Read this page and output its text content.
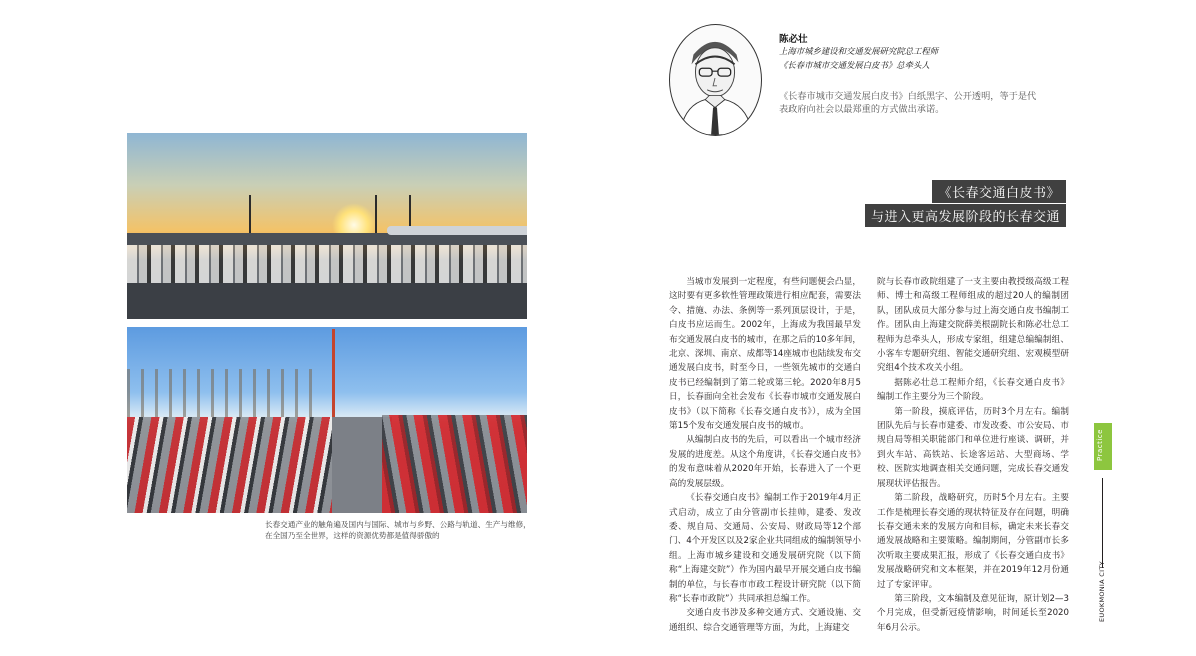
长春交通产业的触角遍及国内与国际、城市与乡野、公路与轨道、生产与维修，在全国乃至全世界，这样的资源优势都是值得骄傲的
陈必壮
上海市城乡建设和交通发展研究院总工程师
《长春市城市交通发展白皮书》总牵头人
《长春市城市交通发展白皮书》白纸黑字、公开透明，等于是代表政府向社会以最郑重的方式做出承诺。
《长春交通白皮书》
与进入更高发展阶段的长春交通

当城市发展到一定程度，有些问题便会凸显，这时要有更多软性管理政策进行相应配套，需要法令、措施、办法、条例等一系列顶层设计，于是，白皮书应运而生。2002年，上海成为我国最早发布交通发展白皮书的城市，在那之后的10多年间，北京、深圳、南京、成都等14座城市也陆续发布交通发展白皮书，时至今日，一些领先城市的交通白皮书已经编制到了第二轮或第三轮。2020年8月5日，长春面向全社会发布《长春市城市交通发展白皮书》（以下简称《长春交通白皮书》），成为全国第15个发布交通发展白皮书的城市。

从编制白皮书的先后，可以看出一个城市经济发展的进度差。从这个角度讲，《长春交通白皮书》的发布意味着从2020年开始，长春进入了一个更高的发展层级。

《长春交通白皮书》编制工作于2019年4月正式启动，成立了由分管副市长挂帅，建委、发改委、规自局、交通局、公安局、财政局等12个部门、4个开发区以及2家企业共同组成的编制领导小组。上海市城乡建设和交通发展研究院（以下简称“上海建交院”）作为国内最早开展交通白皮书编制的单位，与长春市市政工程设计研究院（以下简称“长春市政院”）共同承担总编工作。

交通白皮书涉及多种交通方式、交通设施、交通组织、综合交通管理等方面，为此，上海建交

院与长春市政院组建了一支主要由教授级高级工程师、博士和高级工程师组成的超过20人的编制团队，团队成员大部分参与过上海交通白皮书编制工作。团队由上海建交院薛美根副院长和陈必壮总工程师为总牵头人，形成专家组，组建总编编制组、小客车专题研究组、智能交通研究组、宏观模型研究组4个技术攻关小组。

据陈必壮总工程师介绍，《长春交通白皮书》编制工作主要分为三个阶段。

第一阶段，摸底评估，历时3个月左右。编制团队先后与长春市建委、市发改委、市公安局、市规自局等相关职能部门和单位进行座谈、调研，并到火车站、高铁站、长途客运站、大型商场、学校、医院实地调查相关交通问题，完成长春交通发展现状评估报告。

第二阶段，战略研究，历时5个月左右。主要工作是梳理长春交通的现状特征及存在问题，明确长春交通未来的发展方向和目标，确定未来长春交通发展战略和主要策略。编制期间，分管副市长多次听取主要成果汇报，形成了《长春交通白皮书》发展战略研究和文本框架，并在2019年12月份通过了专家评审。

第三阶段，文本编制及意见征询，原计划2—3个月完成，但受新冠疫情影响，时间延长至2020年6月公示。

Practice
EUOKMONIA CITY
